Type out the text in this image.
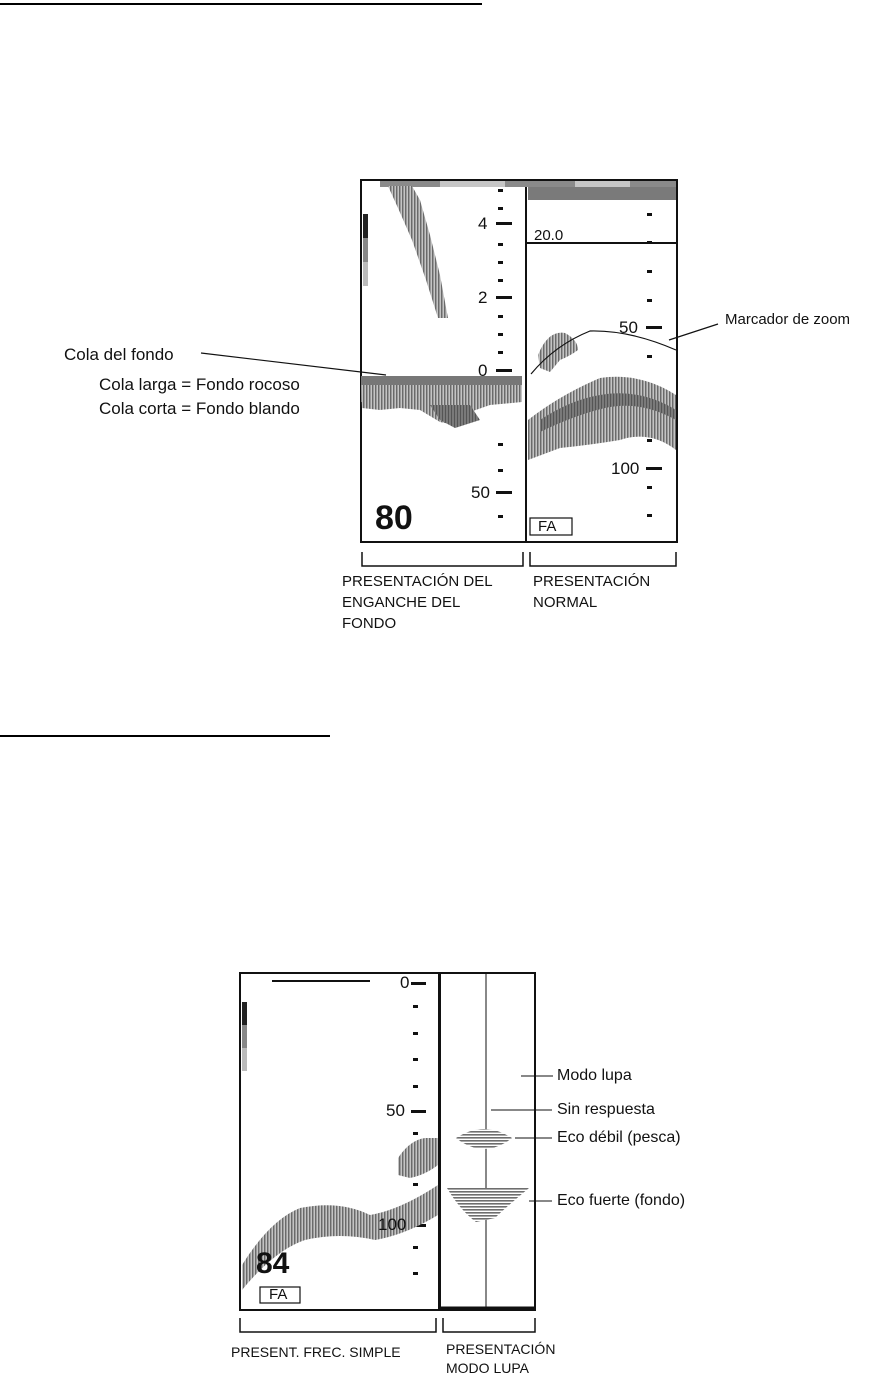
4
2
0
50
80
20.0
50
100
FA
Cola del fondo
Cola larga = Fondo rocoso
Cola corta = Fondo blando
Marcador de zoom
PRESENTACIÓN DEL
ENGANCHE DEL
FONDO
PRESENTACIÓN
NORMAL
0
50
100
84
FA
Modo lupa
Sin respuesta
Eco débil (pesca)
Eco fuerte (fondo)
PRESENT. FREC. SIMPLE	PRESENTACIÓN
MODO LUPA
